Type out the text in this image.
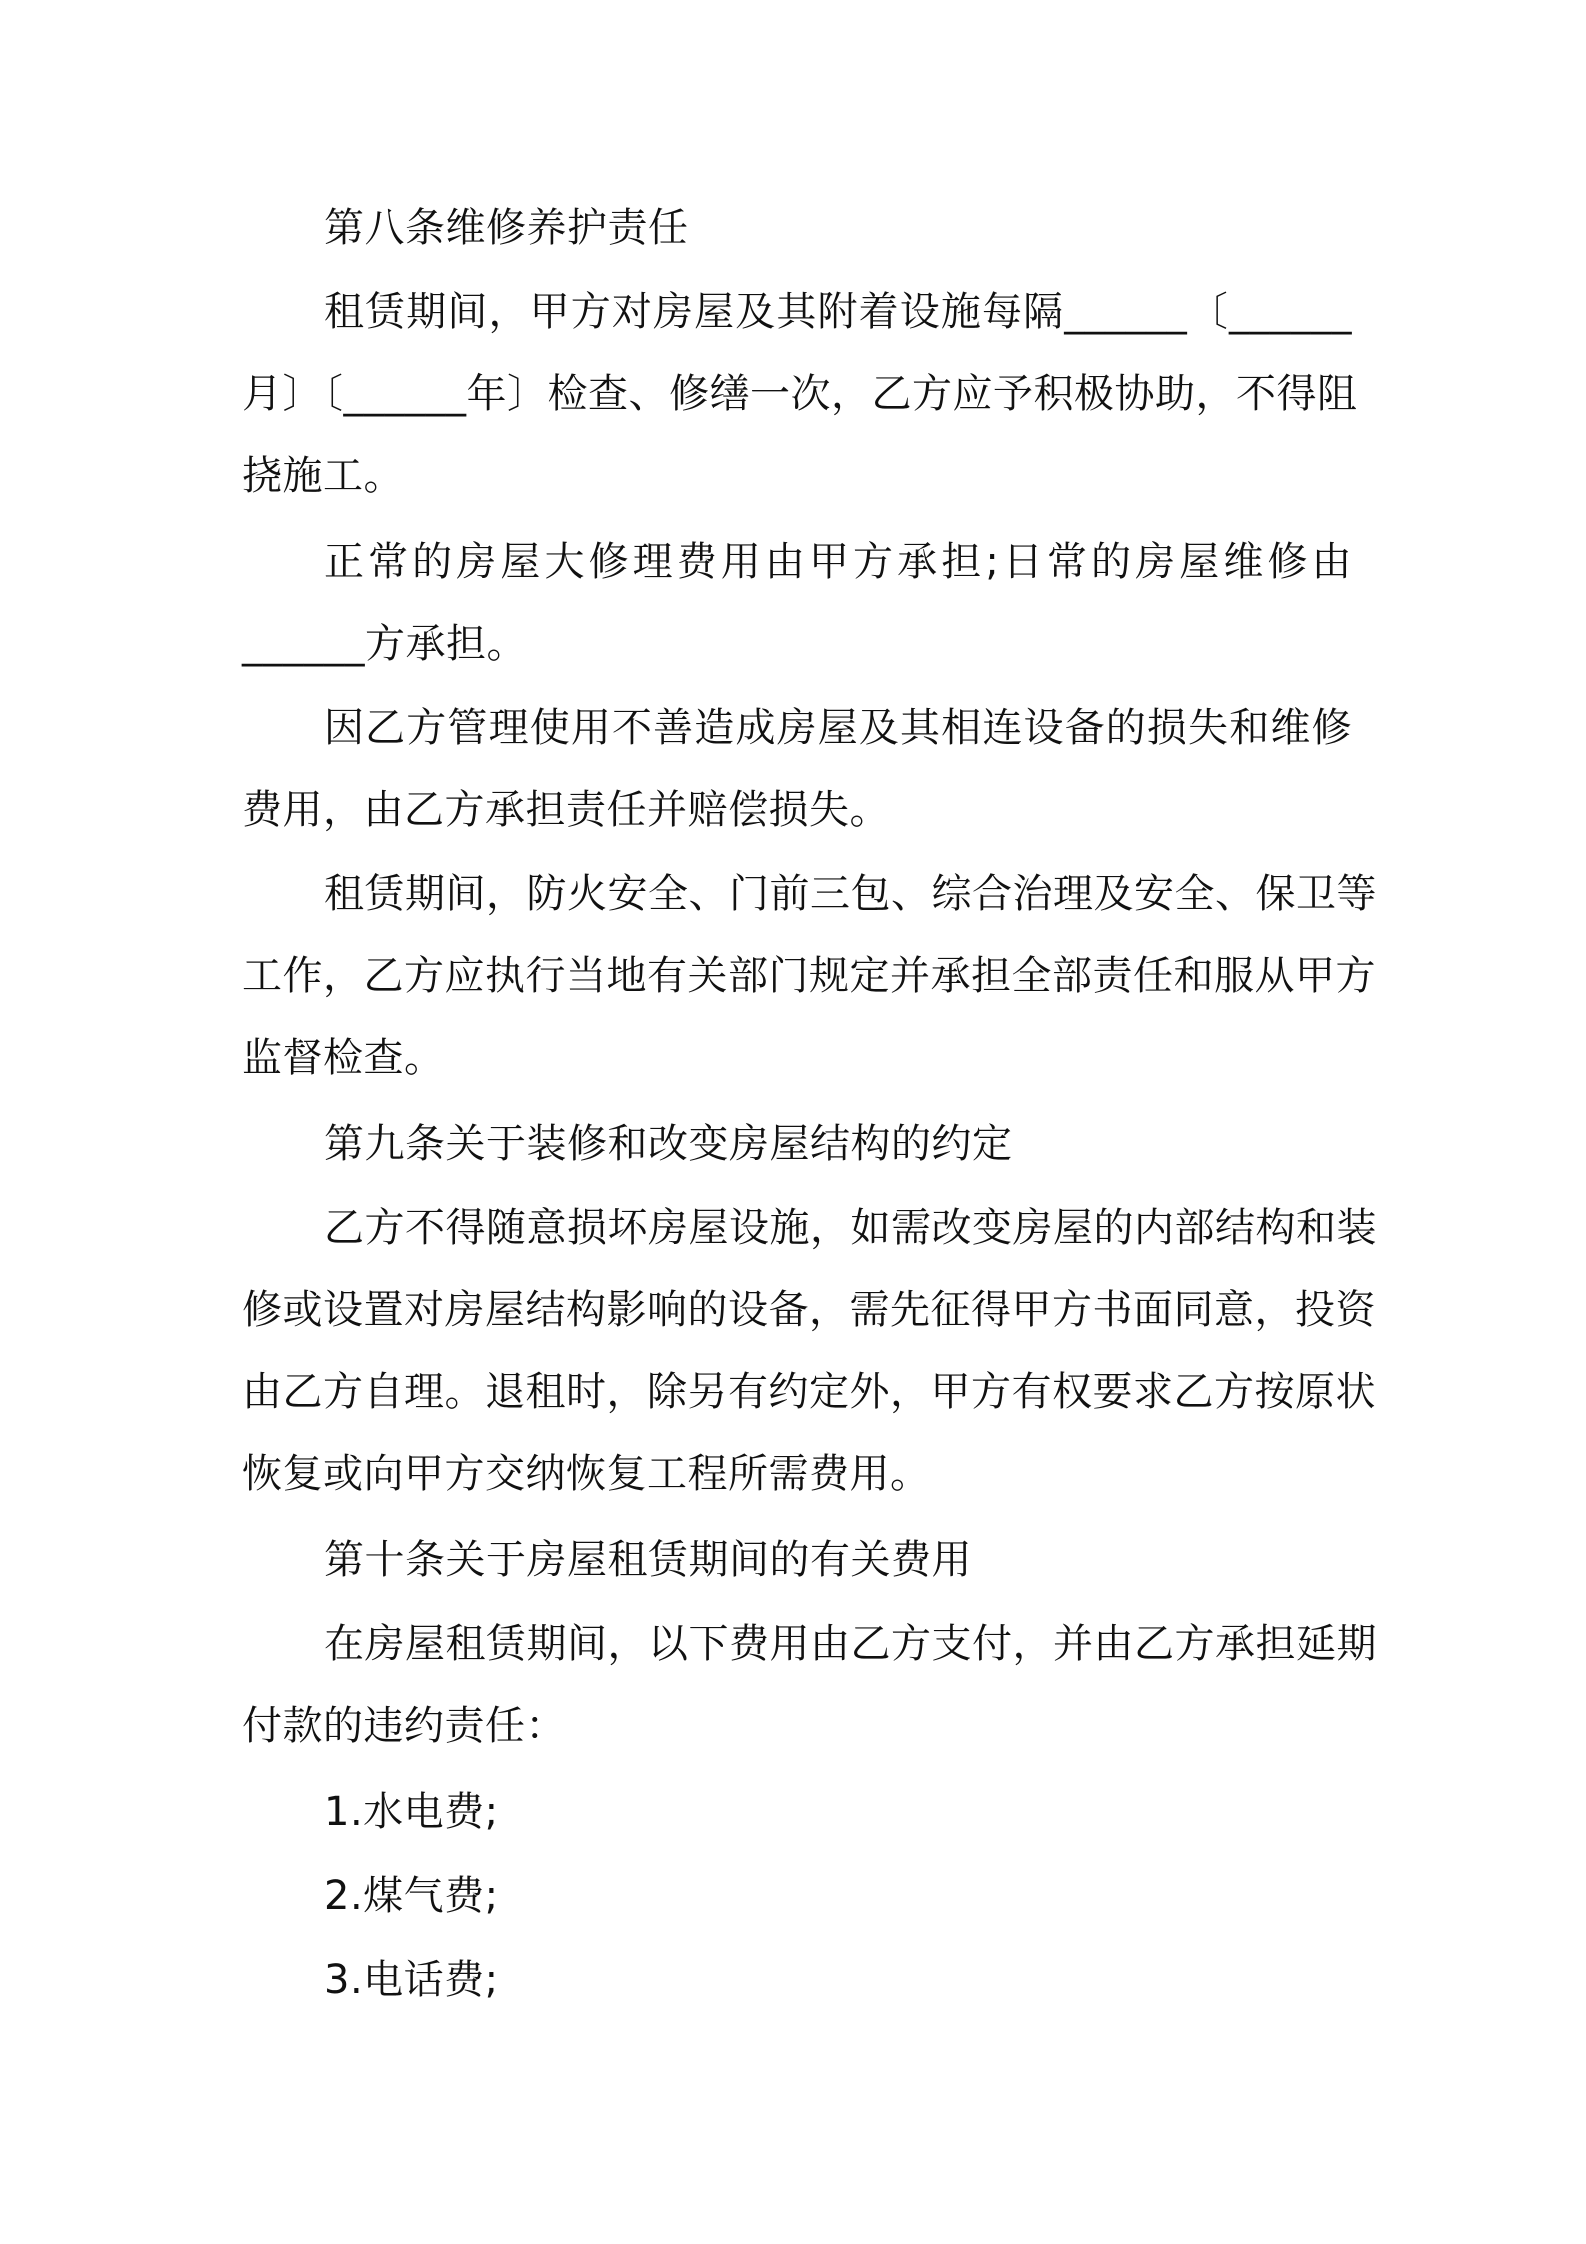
第八条维修养护责任
租赁期间，甲方对房屋及其附着设施每隔______〔______
月〕〔______年〕检查、修缮一次，乙方应予积极协助，不得阻
挠施工。
正常的房屋大修理费用由甲方承担;日常的房屋维修由
______方承担。
因乙方管理使用不善造成房屋及其相连设备的损失和维修
费用，由乙方承担责任并赔偿损失。
租赁期间，防火安全、门前三包、综合治理及安全、保卫等
工作，乙方应执行当地有关部门规定并承担全部责任和服从甲方
监督检查。
第九条关于装修和改变房屋结构的约定
乙方不得随意损坏房屋设施，如需改变房屋的内部结构和装
修或设置对房屋结构影响的设备，需先征得甲方书面同意，投资
由乙方自理。退租时，除另有约定外，甲方有权要求乙方按原状
恢复或向甲方交纳恢复工程所需费用。
第十条关于房屋租赁期间的有关费用
在房屋租赁期间，以下费用由乙方支付，并由乙方承担延期
付款的违约责任：
1.水电费;
2.煤气费;
3.电话费;
